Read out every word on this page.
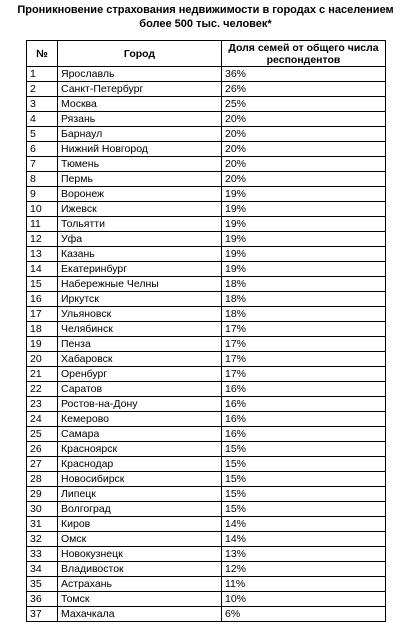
Проникновение страхования недвижимости в городах с населением
более 500 тыс. человек*
№	Город	Доля семей от общего числа респондентов
1	Ярославль	36%
2	Санкт-Петербург	26%
3	Москва	25%
4	Рязань	20%
5	Барнаул	20%
6	Нижний Новгород	20%
7	Тюмень	20%
8	Пермь	20%
9	Воронеж	19%
10	Ижевск	19%
11	Тольятти	19%
12	Уфа	19%
13	Казань	19%
14	Екатеринбург	19%
15	Набережные Челны	18%
16	Иркутск	18%
17	Ульяновск	18%
18	Челябинск	17%
19	Пенза	17%
20	Хабаровск	17%
21	Оренбург	17%
22	Саратов	16%
23	Ростов-на-Дону	16%
24	Кемерово	16%
25	Самара	16%
26	Красноярск	15%
27	Краснодар	15%
28	Новосибирск	15%
29	Липецк	15%
30	Волгоград	15%
31	Киров	14%
32	Омск	14%
33	Новокузнецк	13%
34	Владивосток	12%
35	Астрахань	11%
36	Томск	10%
37	Махачкала	6%
